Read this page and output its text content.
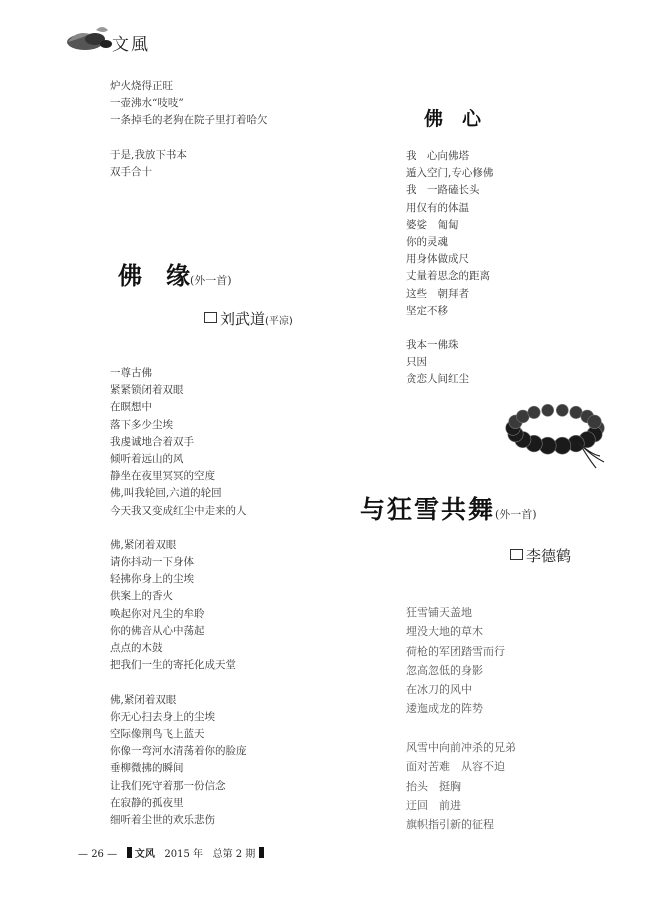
文風
炉火烧得正旺
一壶沸水“吱吱”
一条掉毛的老狗在院子里打着哈欠
于是,我放下书本
双手合十
佛　心
我　心向佛塔
遁入空门,专心修佛
我　一路磕长头
用仅有的体温
婆娑　匍匐
你的灵魂
用身体做成尺
丈量着思念的距离
这些　朝拜者
坚定不移
我本一佛珠
只因
贪恋人间红尘
佛　缘(外一首)
刘武道(平凉)
一尊古佛
紧紧锁闭着双眼
在瞑想中
落下多少尘埃
我虔诚地合着双手
倾听着远山的风
静坐在夜里冥冥的空度
佛,叫我轮回,六道的轮回
今天我又变成红尘中走来的人
佛,紧闭着双眼
请你抖动一下身体
轻拂你身上的尘埃
供案上的香火
唤起你对凡尘的牟聆
你的佛音从心中荡起
点点的木鼓
把我们一生的寄托化成天堂
佛,紧闭着双眼
你无心扫去身上的尘埃
空际像荆鸟飞上蓝天
你像一弯河水清荡着你的脸庞
垂柳微拂的瞬间
让我们死守着那一份信念
在寂静的孤夜里
细听着尘世的欢乐悲伤
与狂雪共舞(外一首)
李德鹤
狂雪铺天盖地
埋没大地的草木
荷枪的军团踏雪而行
忽高忽低的身影
在冰刀的风中
逶迤成龙的阵势
风雪中向前冲杀的兄弟
面对苦难　从容不迫
抬头　挺胸
迂回　前进
旗帜指引新的征程
— 26 — 文风 2015 年 总第 2 期
